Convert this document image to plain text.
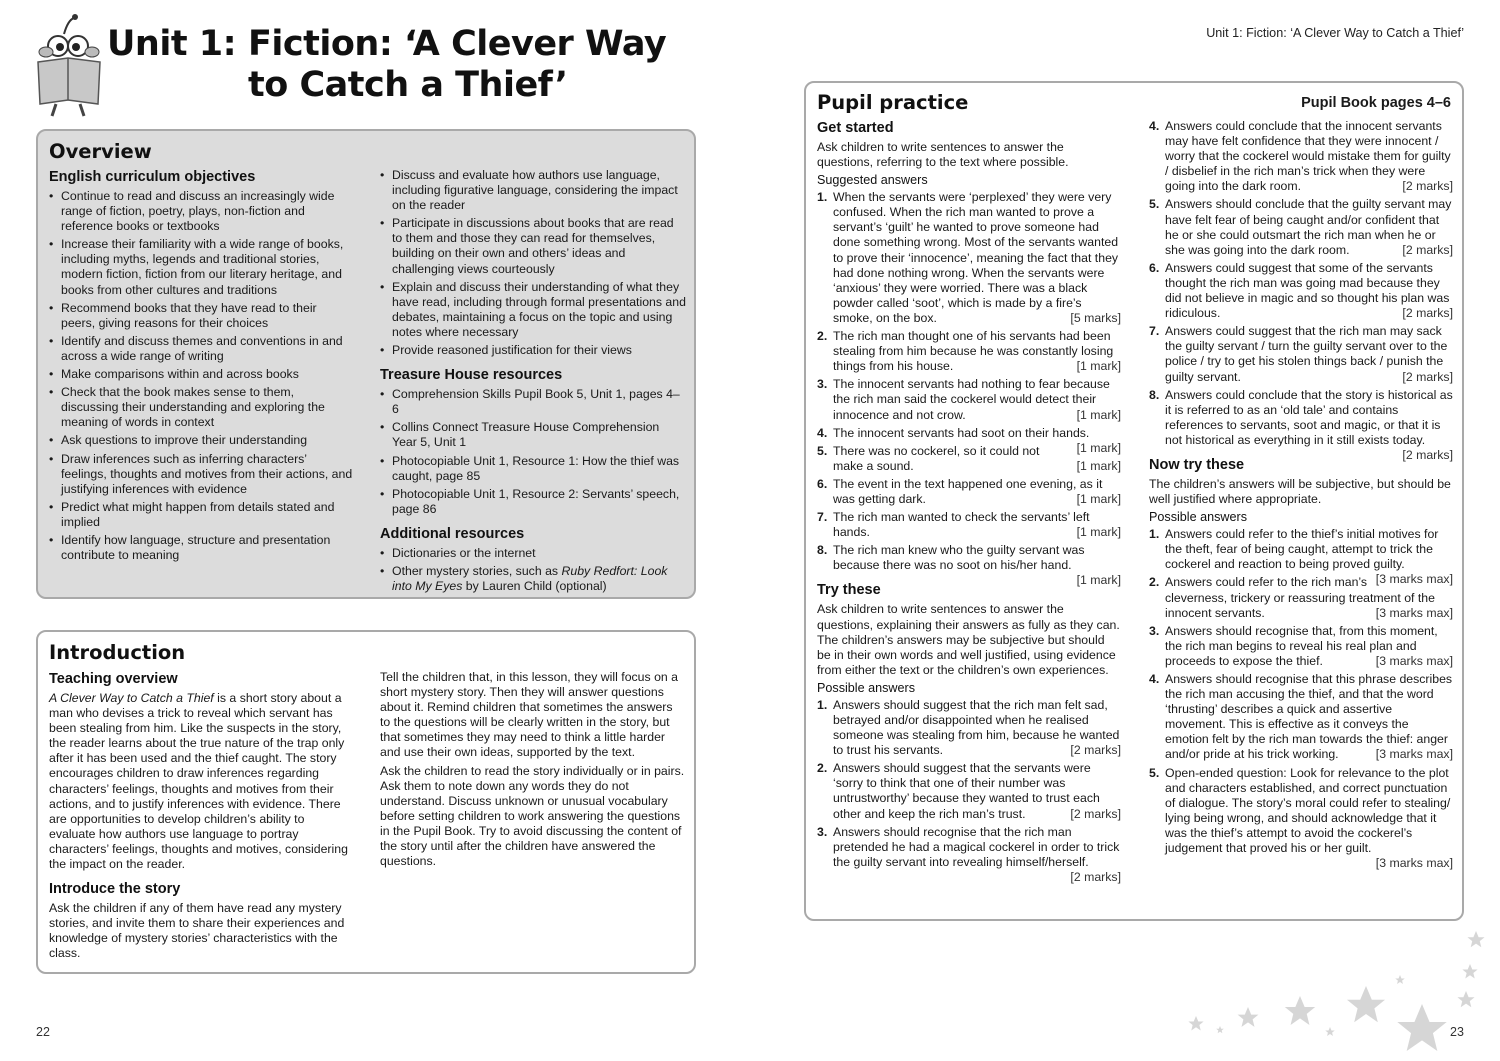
Unit 1: Fiction: ‘A Clever Way
to Catch a Thief’
Unit 1: Fiction: ‘A Clever Way to Catch a Thief’
Overview
English curriculum objectives
• Continue to read and discuss an increasingly wide range of fiction, poetry, plays, non-fiction and reference books or textbooks
• Increase their familiarity with a wide range of books, including myths, legends and traditional stories, modern fiction, fiction from our literary heritage, and books from other cultures and traditions
• Recommend books that they have read to their peers, giving reasons for their choices
• Identify and discuss themes and conventions in and across a wide range of writing
• Make comparisons within and across books
• Check that the book makes sense to them, discussing their understanding and exploring the meaning of words in context
• Ask questions to improve their understanding
• Draw inferences such as inferring characters’ feelings, thoughts and motives from their actions, and justifying inferences with evidence
• Predict what might happen from details stated and implied
• Identify how language, structure and presentation contribute to meaning
• Discuss and evaluate how authors use language, including figurative language, considering the impact on the reader
• Participate in discussions about books that are read to them and those they can read for themselves, building on their own and others’ ideas and challenging views courteously
• Explain and discuss their understanding of what they have read, including through formal presentations and debates, maintaining a focus on the topic and using notes where necessary
• Provide reasoned justification for their views
Treasure House resources
• Comprehension Skills Pupil Book 5, Unit 1, pages 4–6
• Collins Connect Treasure House Comprehension Year 5, Unit 1
• Photocopiable Unit 1, Resource 1: How the thief was caught, page 85
• Photocopiable Unit 1, Resource 2: Servants’ speech, page 86
Additional resources
• Dictionaries or the internet
• Other mystery stories, such as Ruby Redfort: Look into My Eyes by Lauren Child (optional)
Introduction
Teaching overview

A Clever Way to Catch a Thief is a short story about a man who devises a trick to reveal which servant has been stealing from him. Like the suspects in the story, the reader learns about the true nature of the trap only after it has been used and the thief caught. The story encourages children to draw inferences regarding characters’ feelings, thoughts and motives from their actions, and to justify inferences with evidence. There are opportunities to develop children’s ability to evaluate how authors use language to portray characters’ feelings, thoughts and motives, considering the impact on the reader.

Introduce the story

Ask the children if any of them have read any mystery stories, and invite them to share their experiences and knowledge of mystery stories’ characteristics with the class.

Tell the children that, in this lesson, they will focus on a short mystery story. Then they will answer questions about it. Remind children that sometimes the answers to the questions will be clearly written in the story, but that sometimes they may need to think a little harder and use their own ideas, supported by the text.

Ask the children to read the story individually or in pairs. Ask them to note down any words they do not understand. Discuss unknown or unusual vocabulary before setting children to work answering the questions in the Pupil Book. Try to avoid discussing the content of the story until after the children have answered the questions.

Pupil practice	Pupil Book pages 4–6
Get started

Ask children to write sentences to answer the questions, referring to the text where possible.

Suggested answers
1. When the servants were ‘perplexed’ they were very confused. When the rich man wanted to prove a servant’s ‘guilt’ he wanted to prove someone had done something wrong. Most of the servants wanted to prove their ‘innocence’, meaning the fact that they had done nothing wrong. When the servants were ‘anxious’ they were worried. There was a black powder called ‘soot’, which is made by a fire’s smoke, on the box.	[5 marks]
2. The rich man thought one of his servants had been stealing from him because he was constantly losing things from his house.	[1 mark]
3. The innocent servants had nothing to fear because the rich man said the cockerel would detect their innocence and not crow.	[1 mark]
4. The innocent servants had soot on their hands.
[1 mark]
5. There was no cockerel, so it could not make a sound.	[1 mark]
6. The event in the text happened one evening, as it was getting dark.	[1 mark]
7. The rich man wanted to check the servants’ left hands.	[1 mark]
8. The rich man knew who the guilty servant was because there was no soot on his/her hand.
[1 mark]
Try these

Ask children to write sentences to answer the questions, explaining their answers as fully as they can. The children’s answers may be subjective but should be in their own words and well justified, using evidence from either the text or the children’s own experiences.

Possible answers
1. Answers should suggest that the rich man felt sad, betrayed and/or disappointed when he realised someone was stealing from him, because he wanted to trust his servants.	[2 marks]
2. Answers should suggest that the servants were ‘sorry to think that one of their number was untrustworthy’ because they wanted to trust each other and keep the rich man’s trust.	[2 marks]
3. Answers should recognise that the rich man pretended he had a magical cockerel in order to trick the guilty servant into revealing himself/herself.
[2 marks]
4. Answers could conclude that the innocent servants may have felt confidence that they were innocent / worry that the cockerel would mistake them for guilty / disbelief in the rich man’s trick when they were going into the dark room.	[2 marks]
5. Answers should conclude that the guilty servant may have felt fear of being caught and/or confident that he or she could outsmart the rich man when he or she was going into the dark room.	[2 marks]
6. Answers could suggest that some of the servants thought the rich man was going mad because they did not believe in magic and so thought his plan was ridiculous.	[2 marks]
7. Answers could suggest that the rich man may sack the guilty servant / turn the guilty servant over to the police / try to get his stolen things back / punish the guilty servant.	[2 marks]
8. Answers could conclude that the story is historical as it is referred to as an ‘old tale’ and contains references to servants, soot and magic, or that it is not historical as everything in it still exists today.
[2 marks]
Now try these

The children’s answers will be subjective, but should be well justified where appropriate.

Possible answers
1. Answers could refer to the thief’s initial motives for the theft, fear of being caught, attempt to trick the cockerel and reaction to being proved guilty.
[3 marks max]
2. Answers could refer to the rich man’s cleverness, trickery or reassuring treatment of the innocent servants.	[3 marks max]
3. Answers should recognise that, from this moment, the rich man begins to reveal his real plan and proceeds to expose the thief.	[3 marks max]
4. Answers should recognise that this phrase describes the rich man accusing the thief, and that the word ‘thrusting’ describes a quick and assertive movement. This is effective as it conveys the emotion felt by the rich man towards the thief: anger and/or pride at his trick working.	[3 marks max]
5. Open-ended question: Look for relevance to the plot and characters established, and correct punctuation of dialogue. The story’s moral could refer to stealing/ lying being wrong, and should acknowledge that it was the thief’s attempt to avoid the cockerel’s judgement that proved his or her guilt.
[3 marks max]
22	23
